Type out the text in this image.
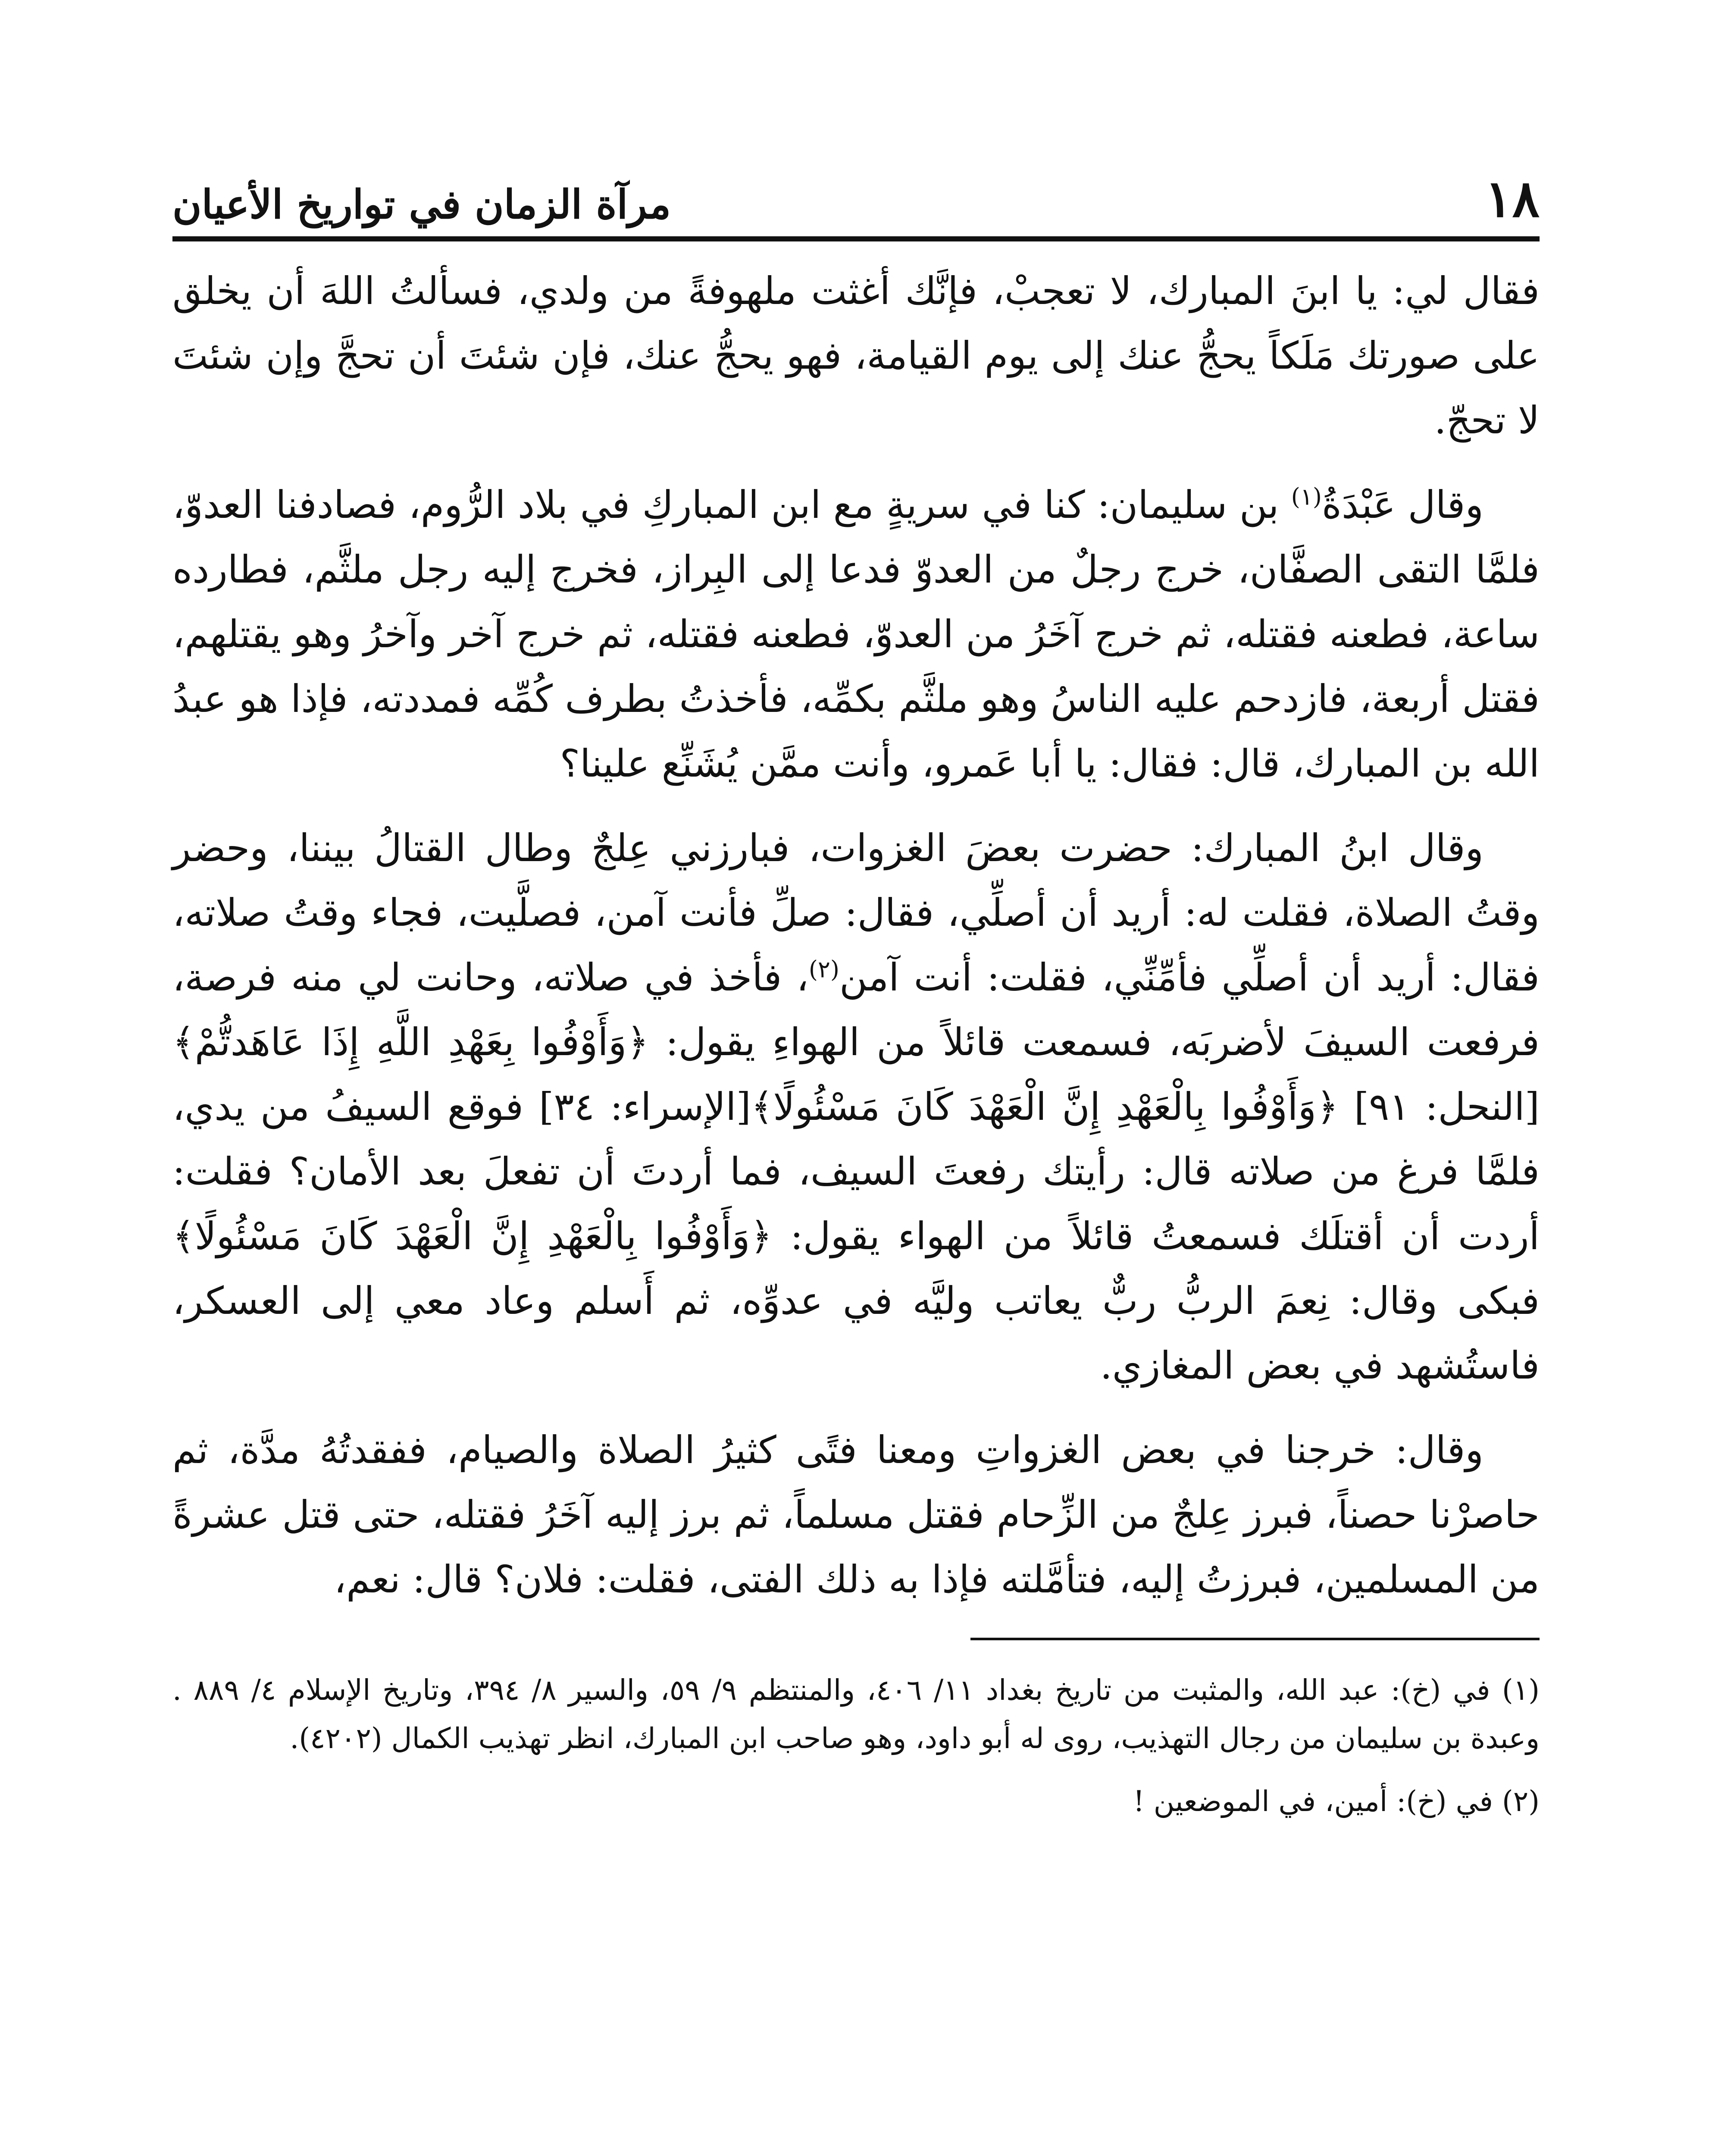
١٨
مرآة الزمان في تواريخ الأعيان

فقال لي: يا ابنَ المبارك، لا تعجبْ، فإنَّك أغثت ملهوفةً من ولدي، فسألتُ اللهَ أن يخلق على صورتك مَلَكاً يحجُّ عنك إلى يوم القيامة، فهو يحجُّ عنك، فإن شئتَ أن تحجَّ وإن شئتَ لا تحجّ.

وقال عَبْدَةُ$^{(١)}$ بن سليمان: كنا في سريةٍ مع ابن المباركِ في بلاد الرُّوم، فصادفنا العدوّ، فلمَّا التقى الصفَّان، خرج رجلٌ من العدوّ فدعا إلى البِراز، فخرج إليه رجل ملثَّم، فطارده ساعة، فطعنه فقتله، ثم خرج آخَرُ من العدوّ، فطعنه فقتله، ثم خرج آخر وآخرُ وهو يقتلهم، فقتل أربعة، فازدحم عليه الناسُ وهو ملثَّم بكمِّه، فأخذتُ بطرف كُمِّه فمددته، فإذا هو عبدُ الله بن المبارك، قال: فقال: يا أبا عَمرو، وأنت ممَّن يُشَنِّع علينا؟

وقال ابنُ المبارك: حضرت بعضَ الغزوات، فبارزني عِلجٌ وطال القتالُ بيننا، وحضر وقتُ الصلاة، فقلت له: أريد أن أصلِّي، فقال: صلِّ فأنت آمن، فصلَّيت، فجاء وقتُ صلاته، فقال: أريد أن أصلِّي فأمِّنِّي، فقلت: أنت آمن$^{(٢)}$، فأخذ في صلاته، وحانت لي منه فرصة، فرفعت السيفَ لأضربَه، فسمعت قائلاً من الهواءِ يقول: ﴿وَأَوْفُوا بِعَهْدِ اللَّهِ إِذَا عَاهَدتُّمْ﴾ [النحل: ٩١] ﴿وَأَوْفُوا بِالْعَهْدِ إِنَّ الْعَهْدَ كَانَ مَسْئُولًا﴾[الإسراء: ٣٤] فوقع السيفُ من يدي، فلمَّا فرغ من صلاته قال: رأيتك رفعتَ السيف، فما أردتَ أن تفعلَ بعد الأمان؟ فقلت: أردت أن أقتلَك فسمعتُ قائلاً من الهواء يقول: ﴿وَأَوْفُوا بِالْعَهْدِ إِنَّ الْعَهْدَ كَانَ مَسْئُولًا﴾ فبكى وقال: نِعمَ الربُّ ربٌّ يعاتب وليَّه في عدوِّه، ثم أَسلم وعاد معي إلى العسكر، فاستُشهد في بعض المغازي.

وقال: خرجنا في بعض الغزواتِ ومعنا فتًى كثيرُ الصلاة والصيام، ففقدتُهُ مدَّة، ثم حاصرْنا حصناً، فبرز عِلجٌ من الزِّحام فقتل مسلماً، ثم برز إليه آخَرُ فقتله، حتى قتل عشرةً من المسلمين، فبرزتُ إليه، فتأمَّلته فإذا به ذلك الفتى، فقلت: فلان؟ قال: نعم،

(١) في (خ): عبد الله، والمثبت من تاريخ بغداد ١١/ ٤٠٦، والمنتظم ٩/ ٥٩، والسير ٨/ ٣٩٤، وتاريخ الإسلام ٤/ ٨٨٩ . وعبدة بن سليمان من رجال التهذيب، روى له أبو داود، وهو صاحب ابن المبارك، انظر تهذيب الكمال (٤٢٠٢).

(٢) في (خ): أمين، في الموضعين !
